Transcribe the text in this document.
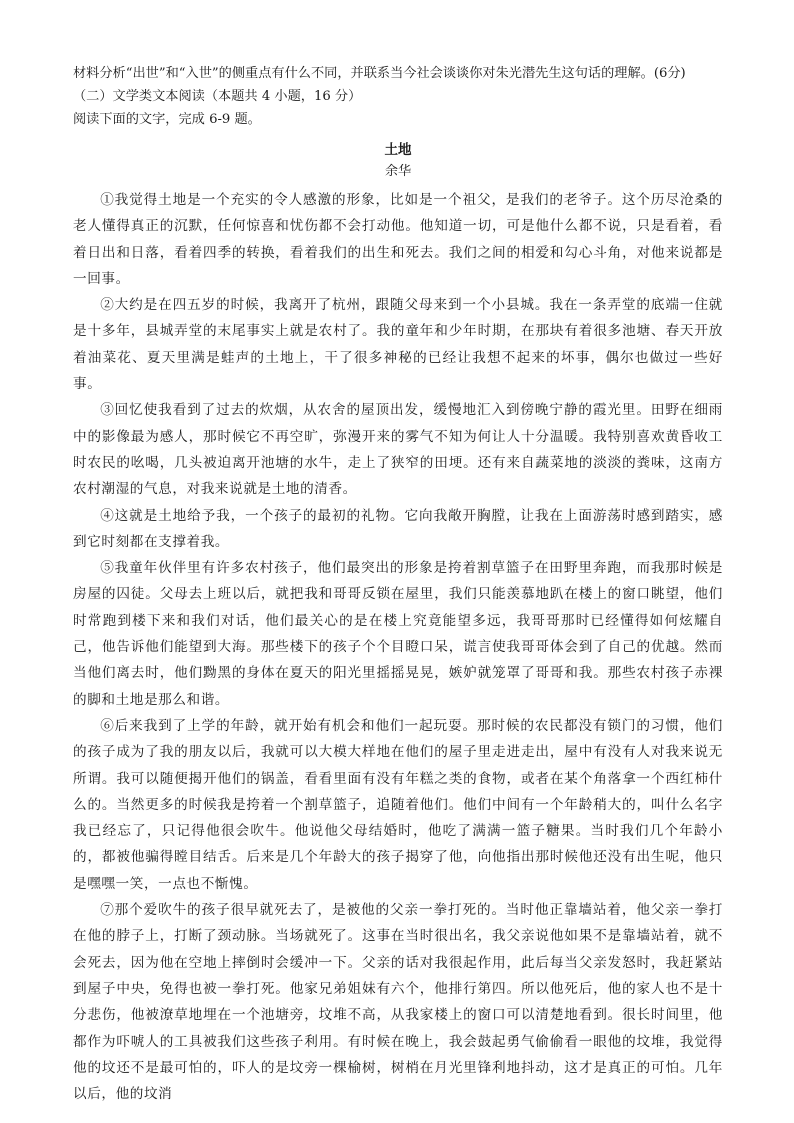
材料分析“出世”和“入世”的侧重点有什么不同，并联系当今社会谈谈你对朱光潜先生这句话的理解。(6分)

（二）文学类文本阅读（本题共 4 小题，16 分）

阅读下面的文字，完成 6-9 题。

土地

余华

①我觉得土地是一个充实的令人感激的形象，比如是一个祖父，是我们的老爷子。这个历尽沧桑的老人懂得真正的沉默，任何惊喜和忧伤都不会打动他。他知道一切，可是他什么都不说，只是看着，看着日出和日落，看着四季的转换，看着我们的出生和死去。我们之间的相爱和勾心斗角，对他来说都是一回事。

②大约是在四五岁的时候，我离开了杭州，跟随父母来到一个小县城。我在一条弄堂的底端一住就是十多年，县城弄堂的末尾事实上就是农村了。我的童年和少年时期，在那块有着很多池塘、春天开放着油菜花、夏天里满是蛙声的土地上，干了很多神秘的已经让我想不起来的坏事，偶尔也做过一些好事。

③回忆使我看到了过去的炊烟，从农舍的屋顶出发，缓慢地汇入到傍晚宁静的霞光里。田野在细雨中的影像最为感人，那时候它不再空旷，弥漫开来的雾气不知为何让人十分温暖。我特别喜欢黄昏收工时农民的吆喝，几头被迫离开池塘的水牛，走上了狭窄的田埂。还有来自蔬菜地的淡淡的粪味，这南方农村潮湿的气息，对我来说就是土地的清香。

④这就是土地给予我，一个孩子的最初的礼物。它向我敞开胸膛，让我在上面游荡时感到踏实，感到它时刻都在支撑着我。

⑤我童年伙伴里有许多农村孩子，他们最突出的形象是挎着割草篮子在田野里奔跑，而我那时候是房屋的囚徒。父母去上班以后，就把我和哥哥反锁在屋里，我们只能羡慕地趴在楼上的窗口眺望，他们时常跑到楼下来和我们对话，他们最关心的是在楼上究竟能望多远，我哥哥那时已经懂得如何炫耀自己，他告诉他们能望到大海。那些楼下的孩子个个目瞪口呆，谎言使我哥哥体会到了自己的优越。然而当他们离去时，他们黝黑的身体在夏天的阳光里摇摇晃晃，嫉妒就笼罩了哥哥和我。那些农村孩子赤裸的脚和土地是那么和谐。

⑥后来我到了上学的年龄，就开始有机会和他们一起玩耍。那时候的农民都没有锁门的习惯，他们的孩子成为了我的朋友以后，我就可以大模大样地在他们的屋子里走进走出，屋中有没有人对我来说无所谓。我可以随便揭开他们的锅盖，看看里面有没有年糕之类的食物，或者在某个角落拿一个西红柿什么的。当然更多的时候我是挎着一个割草篮子，追随着他们。他们中间有一个年龄稍大的，叫什么名字我已经忘了，只记得他很会吹牛。他说他父母结婚时，他吃了满满一篮子糖果。当时我们几个年龄小的，都被他骗得瞠目结舌。后来是几个年龄大的孩子揭穿了他，向他指出那时候他还没有出生呢，他只是嘿嘿一笑，一点也不惭愧。

⑦那个爱吹牛的孩子很早就死去了，是被他的父亲一拳打死的。当时他正靠墙站着，他父亲一拳打在他的脖子上，打断了颈动脉。当场就死了。这事在当时很出名，我父亲说他如果不是靠墙站着，就不会死去，因为他在空地上摔倒时会缓冲一下。父亲的话对我很起作用，此后每当父亲发怒时，我赶紧站到屋子中央，免得也被一拳打死。他家兄弟姐妹有六个，他排行第四。所以他死后，他的家人也不是十分悲伤，他被潦草地埋在一个池塘旁，坟堆不高，从我家楼上的窗口可以清楚地看到。很长时间里，他都作为吓唬人的工具被我们这些孩子利用。有时候在晚上，我会鼓起勇气偷偷看一眼他的坟堆，我觉得他的坟还不是最可怕的，吓人的是坟旁一棵榆树，树梢在月光里锋利地抖动，这才是真正的可怕。几年以后，他的坟消
